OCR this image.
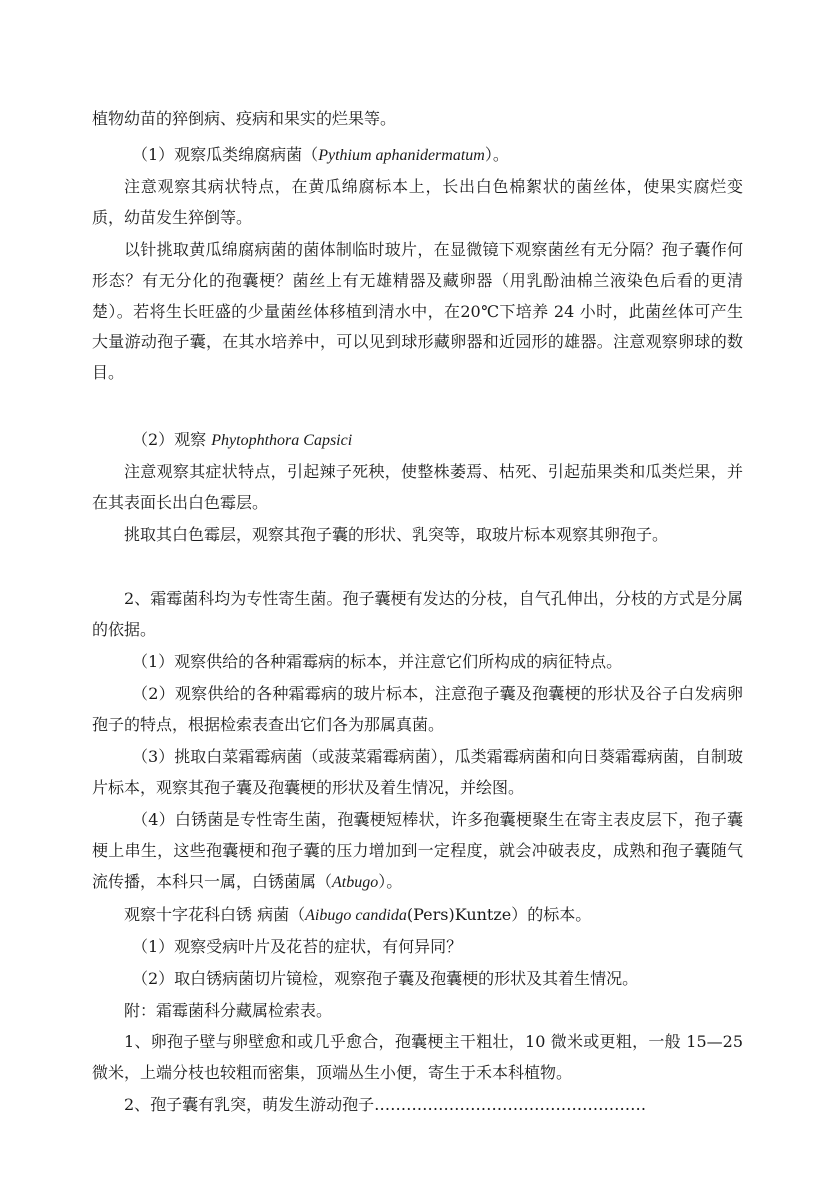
植物幼苗的猝倒病、疫病和果实的烂果等。

（1）观察瓜类绵腐病菌（Pythium aphanidermatum）。

注意观察其病状特点，在黄瓜绵腐标本上，长出白色棉絮状的菌丝体，使果实腐烂变质，幼苗发生猝倒等。

以针挑取黄瓜绵腐病菌的菌体制临时玻片，在显微镜下观察菌丝有无分隔？孢子囊作何形态？有无分化的孢囊梗？菌丝上有无雄精器及藏卵器（用乳酚油棉兰液染色后看的更清楚）。若将生长旺盛的少量菌丝体移植到清水中，在20℃下培养 24 小时，此菌丝体可产生大量游动孢子囊，在其水培养中，可以见到球形藏卵器和近园形的雄器。注意观察卵球的数目。

（2）观察 Phytophthora Capsici

注意观察其症状特点，引起辣子死秧，使整株萎焉、枯死、引起茄果类和瓜类烂果，并在其表面长出白色霉层。

挑取其白色霉层，观察其孢子囊的形状、乳突等，取玻片标本观察其卵孢子。

2、霜霉菌科均为专性寄生菌。孢子囊梗有发达的分枝，自气孔伸出，分枝的方式是分属的依据。

（1）观察供给的各种霜霉病的标本，并注意它们所构成的病征特点。

（2）观察供给的各种霜霉病的玻片标本，注意孢子囊及孢囊梗的形状及谷子白发病卵孢子的特点，根据检索表查出它们各为那属真菌。

（3）挑取白菜霜霉病菌（或菠菜霜霉病菌），瓜类霜霉病菌和向日葵霜霉病菌，自制玻片标本，观察其孢子囊及孢囊梗的形状及着生情况，并绘图。

（4）白锈菌是专性寄生菌，孢囊梗短棒状，许多孢囊梗聚生在寄主表皮层下，孢子囊梗上串生，这些孢囊梗和孢子囊的压力增加到一定程度，就会冲破表皮，成熟和孢子囊随气流传播，本科只一属，白锈菌属（Atbugo）。

观察十字花科白锈 病菌（Aibugo candida(Pers)Kuntze）的标本。

（1）观察受病叶片及花苔的症状，有何异同？

（2）取白锈病菌切片镜检，观察孢子囊及孢囊梗的形状及其着生情况。

附：霜霉菌科分藏属检索表。

1、卵孢子壁与卵壁愈和或几乎愈合，孢囊梗主干粗壮，10 微米或更粗，一般 15—25 微米，上端分枝也较粗而密集，顶端丛生小便，寄生于禾本科植物。

2、孢子囊有乳突，萌发生游动孢子……………………………………………
